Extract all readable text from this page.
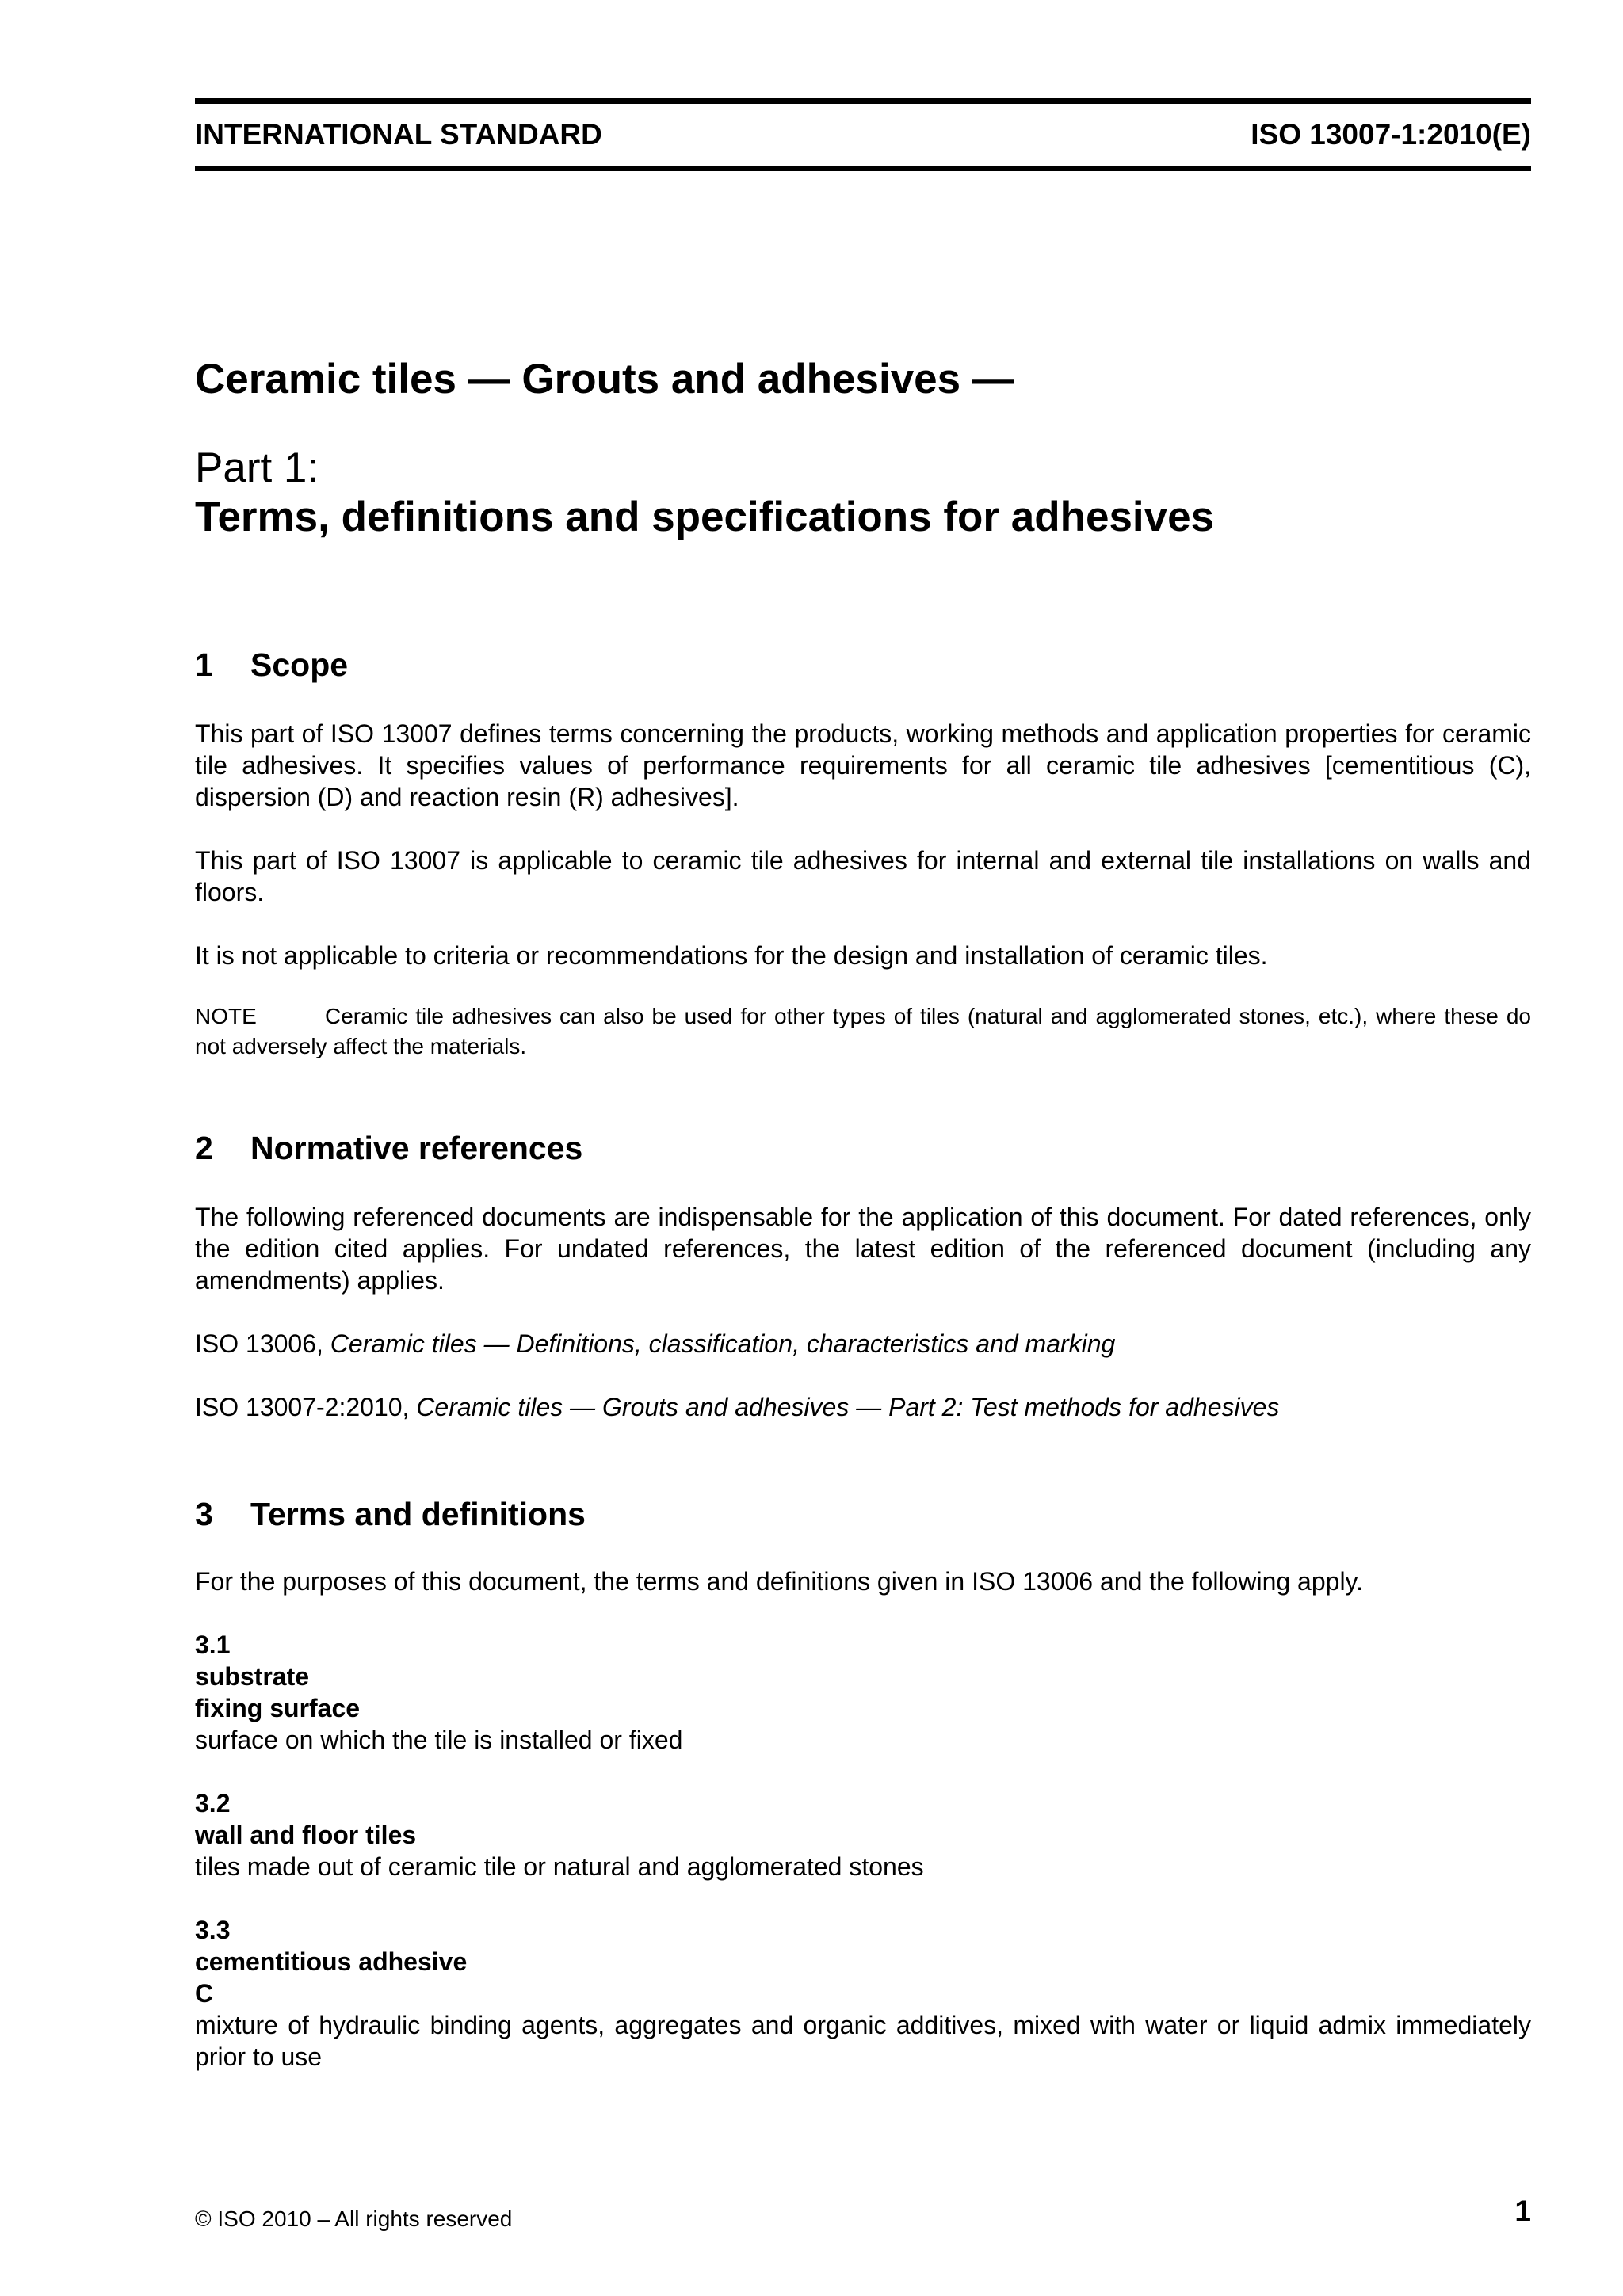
INTERNATIONAL STANDARD	ISO 13007-1:2010(E)
Ceramic tiles — Grouts and adhesives —

Part 1:

Terms, definitions and specifications for adhesives
1 Scope

This part of ISO 13007 defines terms concerning the products, working methods and application properties for ceramic tile adhesives. It specifies values of performance requirements for all ceramic tile adhesives [cementitious (C), dispersion (D) and reaction resin (R) adhesives].

This part of ISO 13007 is applicable to ceramic tile adhesives for internal and external tile installations on walls and floors.

It is not applicable to criteria or recommendations for the design and installation of ceramic tiles.

NOTE	Ceramic tile adhesives can also be used for other types of tiles (natural and agglomerated stones, etc.), where these do not adversely affect the materials.

2 Normative references

The following referenced documents are indispensable for the application of this document. For dated references, only the edition cited applies. For undated references, the latest edition of the referenced document (including any amendments) applies.

ISO 13006, Ceramic tiles — Definitions, classification, characteristics and marking

ISO 13007-2:2010, Ceramic tiles — Grouts and adhesives — Part 2: Test methods for adhesives

3 Terms and definitions

For the purposes of this document, the terms and definitions given in ISO 13006 and the following apply.

3.1
substrate
fixing surface
surface on which the tile is installed or fixed
3.2
wall and floor tiles
tiles made out of ceramic tile or natural and agglomerated stones
3.3
cementitious adhesive
C
mixture of hydraulic binding agents, aggregates and organic additives, mixed with water or liquid admix immediately prior to use
© ISO 2010 – All rights reserved	1
